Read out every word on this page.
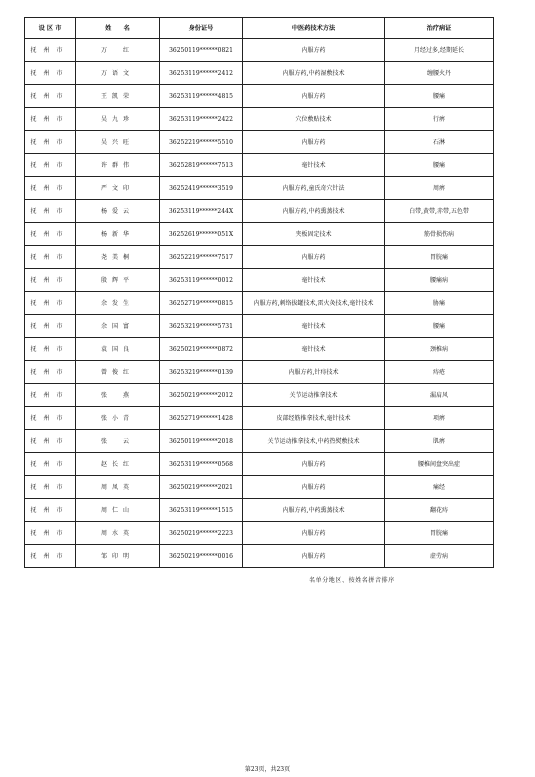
设 区 市	姓　　名	身份证号	中医药技术方法	治疗病证
抚州市	万　红	36250119******0821	内服方药	月经过多,经期延长
抚州市	万语文	36253119******2412	内服方药,中药湿敷技术	缠腰火丹
抚州市	王凯荣	36253119******4815	内服方药	腰痛
抚州市	吴九珍	36253119******2422	穴位敷贴技术	行痹
抚州市	吴兴旺	36252219******5510	内服方药	石淋
抚州市	许群伟	36252819******7513	毫针技术	腰痛
抚州市	严文印	36252419******3519	内服方药,童氏奇穴针法	周痹
抚州市	杨爱云	36253119******244X	内服方药,中药熏蒸技术	白带,黄带,赤带,五色带
抚州市	杨新华	36252619******051X	夹板固定技术	筋骨损伤病
抚州市	尧美桐	36252219******7517	内服方药	胃脘痛
抚州市	殷辉平	36253119******0012	毫针技术	腰痛病
抚州市	余发生	36252719******0815	内服方药,刺络拔罐技术,雷火灸技术,毫针技术	胁痛
抚州市	余国富	36253219******5731	毫针技术	腰痛
抚州市	袁国良	36250219******0872	毫针技术	颈椎病
抚州市	曾俊红	36253219******0139	内服方药,针痔技术	痔疮
抚州市	张　燕	36250219******2012	关节运动推拿技术	漏肩风
抚州市	张小青	36252719******1428	皮部经筋推拿技术,毫针技术	项痹
抚州市	张　云	36250119******2018	关节运动推拿技术,中药热熨敷技术	肌痹
抚州市	赵长红	36253119******0568	内服方药	腰椎间盘突出症
抚州市	周凤英	36250219******2021	内服方药	痛经
抚州市	周仁山	36253119******1515	内服方药,中药熏蒸技术	翻花痔
抚州市	周水英	36250219******2223	内服方药	胃脘痛
抚州市	邹印明	36250219******0016	内服方药	虚劳病
名单分地区、按姓名拼音排序
第23页，共23页
